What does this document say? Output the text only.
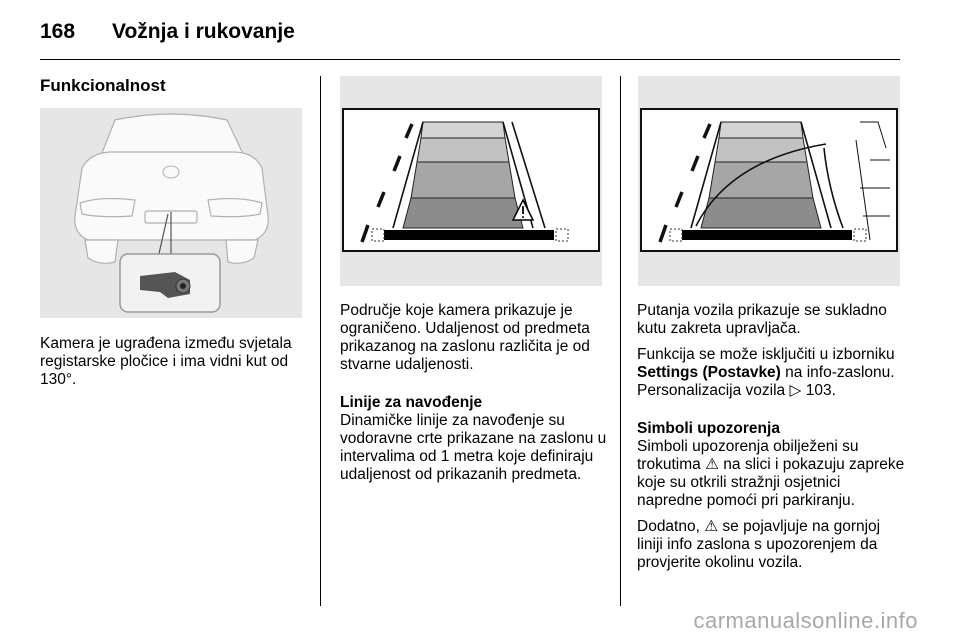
168 Vožnja i rukovanje
Funkcionalnost

Kamera je ugrađena između svjetala registarske pločice i ima vidni kut od 130°.

Područje koje kamera prikazuje je ograničeno. Udaljenost od predmeta prikazanog na zaslonu različita je od stvarne udaljenosti.

Linije za navođenje

Dinamičke linije za navođenje su vodoravne crte prikazane na zaslonu u intervalima od 1 metra koje definiraju udaljenost od prikazanih predmeta.

Putanja vozila prikazuje se sukladno kutu zakreta upravljača.

Funkcija se može isključiti u izborniku Settings (Postavke) na info-zaslonu. Personalizacija vozila ▷ 103.

Simboli upozorenja

Simboli upozorenja obilježeni su trokutima ⚠ na slici i pokazuju zapreke koje su otkrili stražnji osjetnici napredne pomoći pri parkiranju.

Dodatno, ⚠ se pojavljuje na gornjoj liniji info zaslona s upozorenjem da provjerite okolinu vozila.

carmanualsonline.info
